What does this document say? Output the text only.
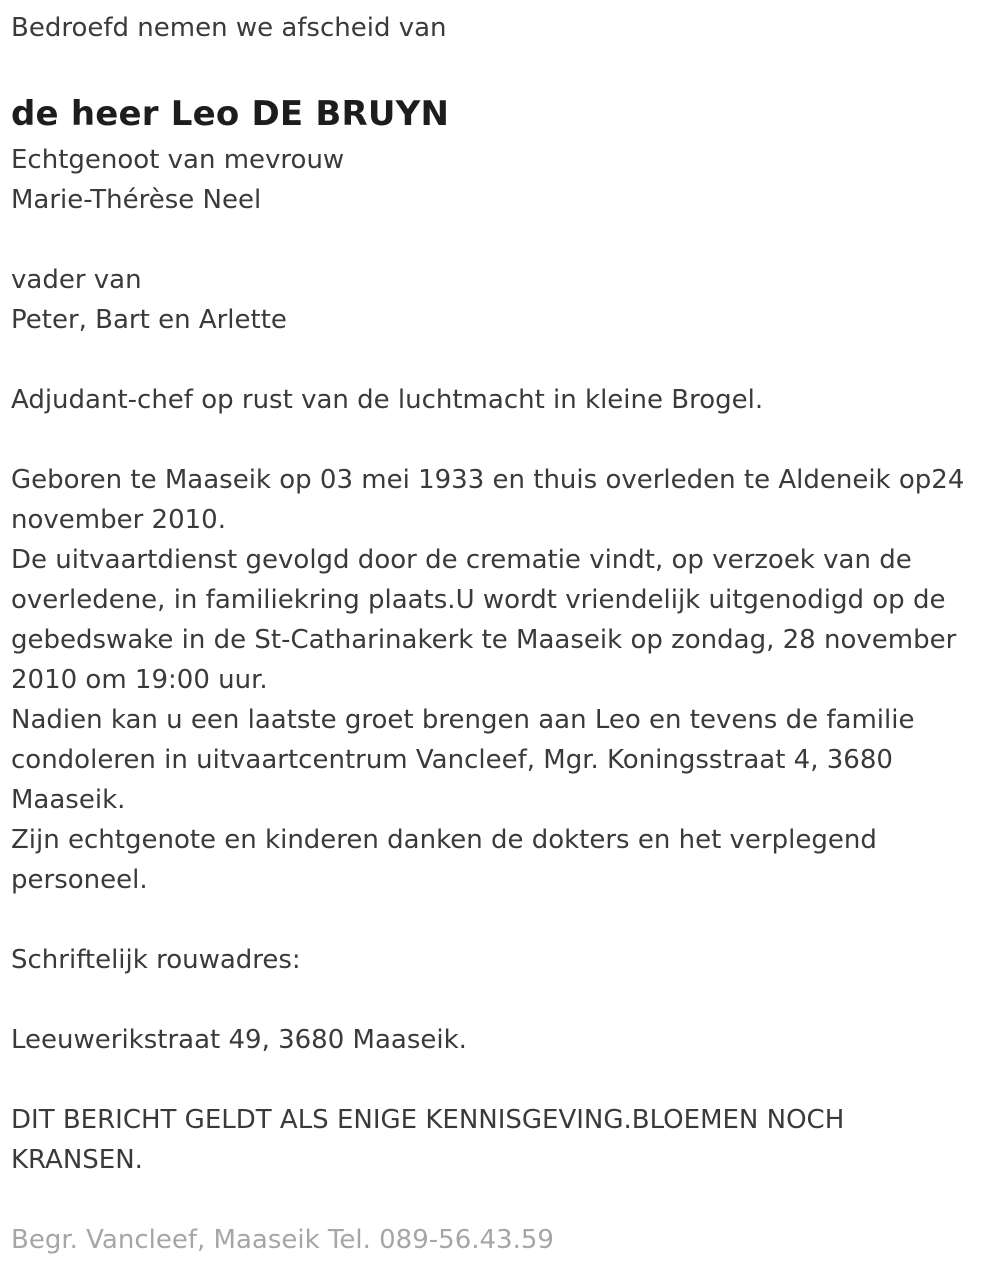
Bedroefd nemen we afscheid van

de heer Leo DE BRUYN

Echtgenoot van mevrouw

Marie-Thérèse Neel

vader van

Peter, Bart en Arlette

Adjudant-chef op rust van de luchtmacht in kleine Brogel.

Geboren te Maaseik op 03 mei 1933 en thuis overleden te Aldeneik op24 november 2010.

De uitvaartdienst gevolgd door de crematie vindt, op verzoek van de overledene, in familiekring plaats.U wordt vriendelijk uitgenodigd op de gebedswake in de St-Catharinakerk te Maaseik op zondag, 28 november 2010 om 19:00 uur.

Nadien kan u een laatste groet brengen aan Leo en tevens de familie condoleren in uitvaartcentrum Vancleef, Mgr. Koningsstraat 4, 3680 Maaseik.

Zijn echtgenote en kinderen danken de dokters en het verplegend personeel.

Schriftelijk rouwadres:

Leeuwerikstraat 49, 3680 Maaseik.

DIT BERICHT GELDT ALS ENIGE KENNISGEVING.BLOEMEN NOCH KRANSEN.

Begr. Vancleef, Maaseik Tel. 089-56.43.59
